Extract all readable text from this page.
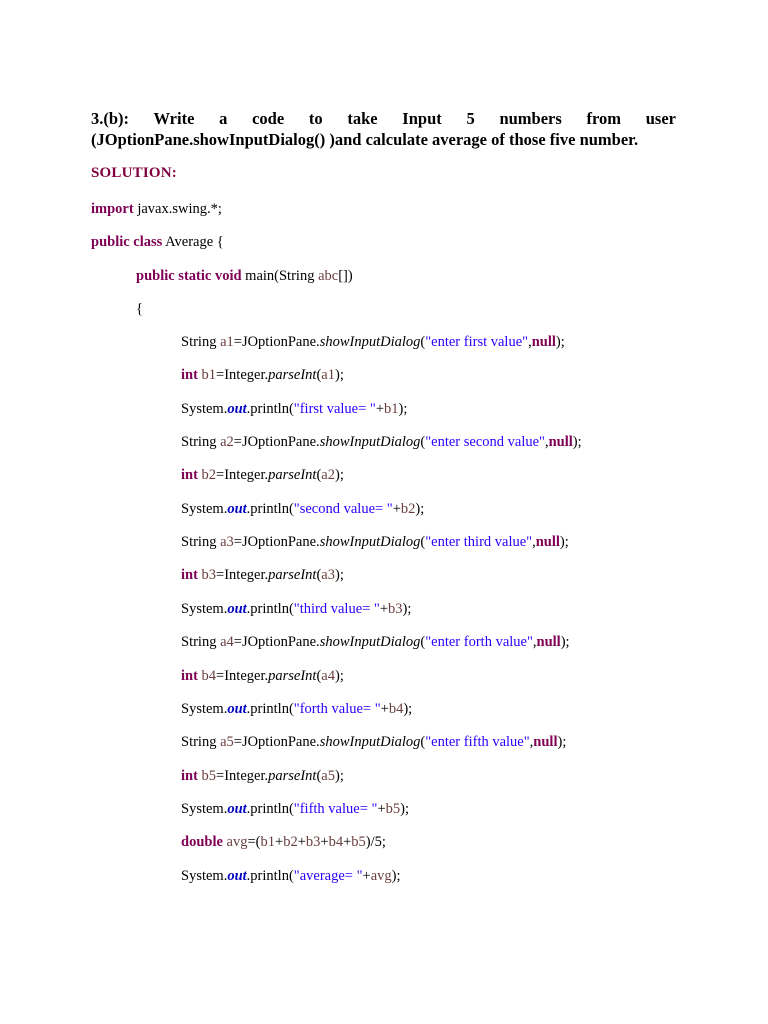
3.(b): Write a code to take Input 5 numbers from user
(JOptionPane.showInputDialog() )and calculate average of those five number.
SOLUTION:
import javax.swing.*;
public class Average {
public static void main(String abc[])
{
String a1=JOptionPane.showInputDialog("enter first value",null);
int b1=Integer.parseInt(a1);
System.out.println("first value= "+b1);
String a2=JOptionPane.showInputDialog("enter second value",null);
int b2=Integer.parseInt(a2);
System.out.println("second value= "+b2);
String a3=JOptionPane.showInputDialog("enter third value",null);
int b3=Integer.parseInt(a3);
System.out.println("third value= "+b3);
String a4=JOptionPane.showInputDialog("enter forth value",null);
int b4=Integer.parseInt(a4);
System.out.println("forth value= "+b4);
String a5=JOptionPane.showInputDialog("enter fifth value",null);
int b5=Integer.parseInt(a5);
System.out.println("fifth value= "+b5);
double avg=(b1+b2+b3+b4+b5)/5;
System.out.println("average= "+avg);
